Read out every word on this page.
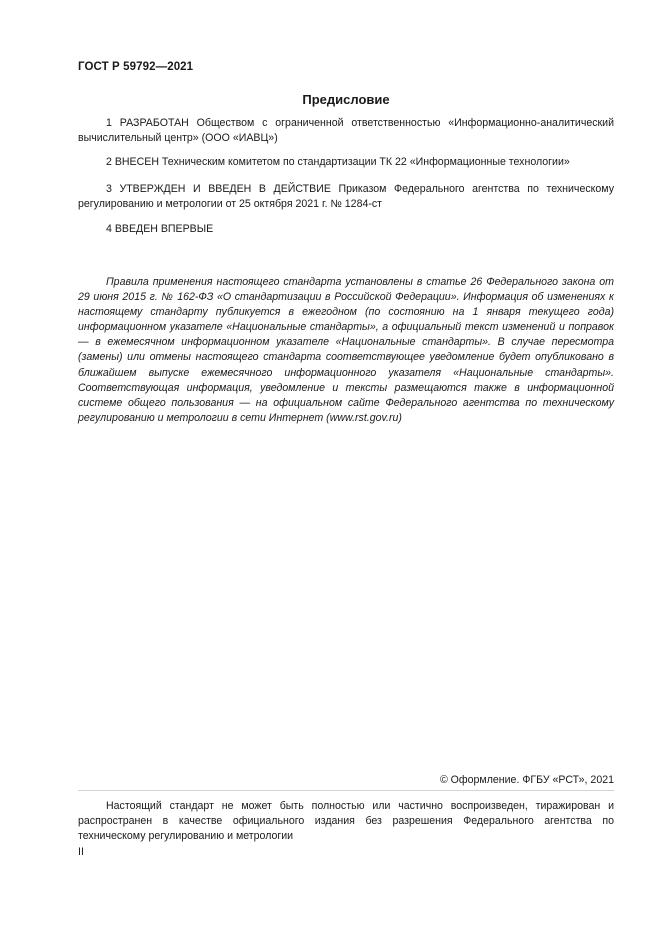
ГОСТ Р 59792—2021
Предисловие

1 РАЗРАБОТАН Обществом с ограниченной ответственностью «Информационно-аналитический вычислительный центр» (ООО «ИАВЦ»)

2 ВНЕСЕН Техническим комитетом по стандартизации ТК 22 «Информационные технологии»

3 УТВЕРЖДЕН И ВВЕДЕН В ДЕЙСТВИЕ Приказом Федерального агентства по техническому регулированию и метрологии от 25 октября 2021 г. № 1284-ст

4 ВВЕДЕН ВПЕРВЫЕ

Правила применения настоящего стандарта установлены в статье 26 Федерального закона от 29 июня 2015 г. № 162-ФЗ «О стандартизации в Российской Федерации». Информация об изменениях к настоящему стандарту публикуется в ежегодном (по состоянию на 1 января текущего года) информационном указателе «Национальные стандарты», а официальный текст изменений и поправок — в ежемесячном информационном указателе «Национальные стандарты». В случае пересмотра (замены) или отмены настоящего стандарта соответствующее уведомление будет опубликовано в ближайшем выпуске ежемесячного информационного указателя «Национальные стандарты». Соответствующая информация, уведомление и тексты размещаются также в информационной системе общего пользования — на официальном сайте Федерального агентства по техническому регулированию и метрологии в сети Интернет (www.rst.gov.ru)

© Оформление. ФГБУ «РСТ», 2021

Настоящий стандарт не может быть полностью или частично воспроизведен, тиражирован и распространен в качестве официального издания без разрешения Федерального агентства по техническому регулированию и метрологии

II
